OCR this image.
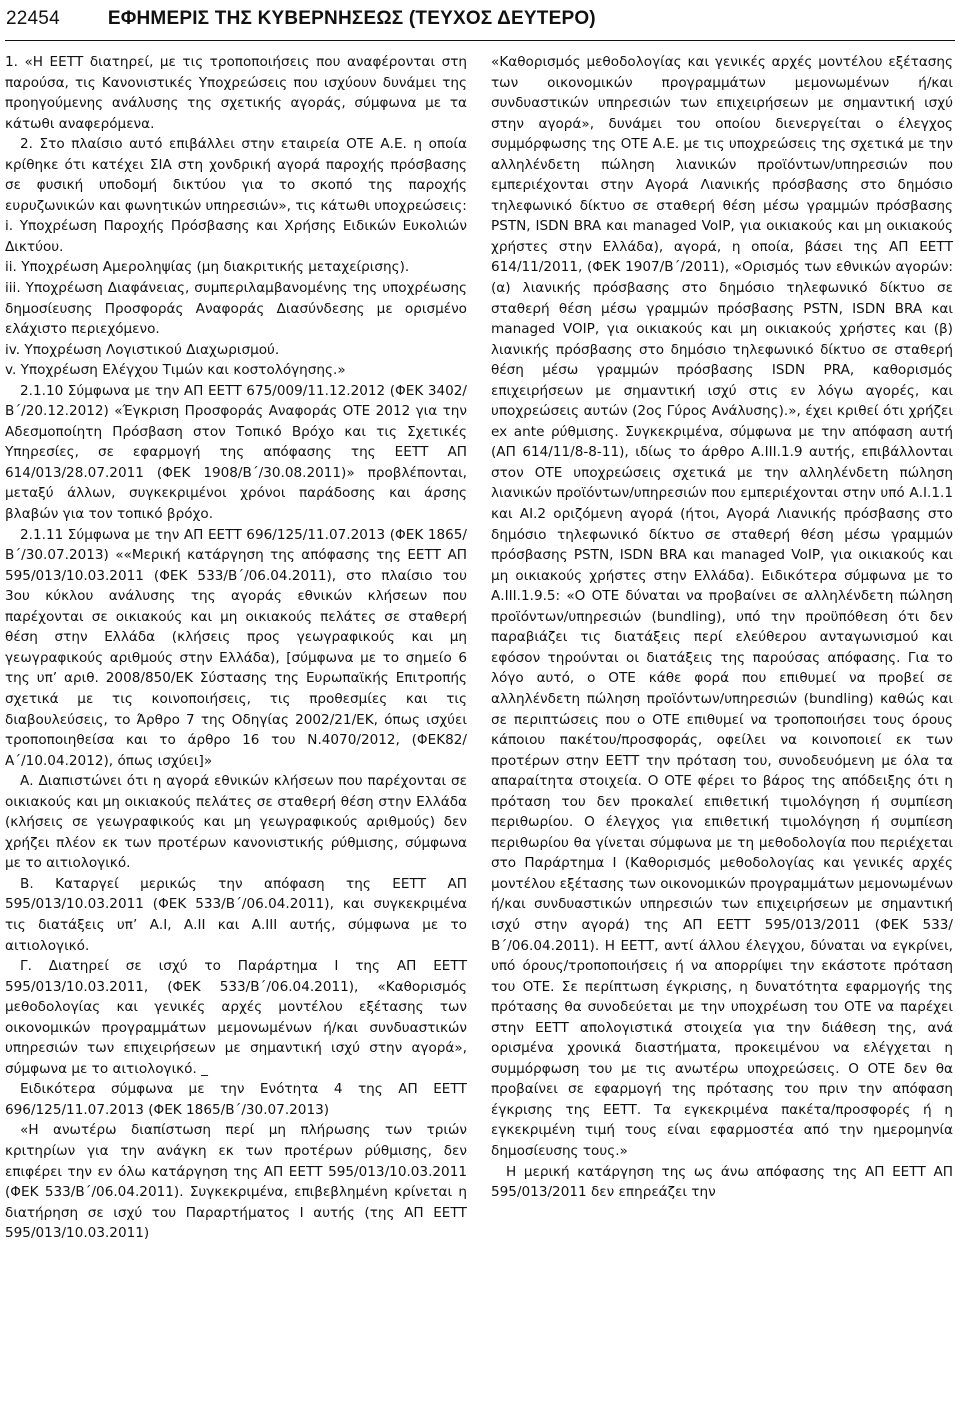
22454	ΕΦΗΜΕΡΙΣ ΤΗΣ ΚΥΒΕΡΝΗΣΕΩΣ (ΤΕΥΧΟΣ ΔΕΥΤΕΡΟ)

1. «Η ΕΕΤΤ διατηρεί, με τις τροποποιήσεις που αναφέρονται στη παρούσα, τις Κανονιστικές Υποχρεώσεις που ισχύουν δυνάμει της προηγούμενης ανάλυσης της σχετικής αγοράς, σύμφωνα με τα κάτωθι αναφερόμενα.

2. Στο πλαίσιο αυτό επιβάλλει στην εταιρεία ΟΤΕ Α.Ε. η οποία κρίθηκε ότι κατέχει ΣΙΑ στη χονδρική αγορά παροχής πρόσβασης σε φυσική υποδομή δικτύου για το σκοπό της παροχής ευρυζωνικών και φωνητικών υπηρεσιών», τις κάτωθι υποχρεώσεις:

i. Υποχρέωση Παροχής Πρόσβασης και Χρήσης Ειδικών Ευκολιών Δικτύου.

ii. Υποχρέωση Αμεροληψίας (μη διακριτικής μεταχείρισης).

iii. Υποχρέωση Διαφάνειας, συμπεριλαμβανομένης της υποχρέωσης δημοσίευσης Προσφοράς Αναφοράς Διασύνδεσης με ορισμένο ελάχιστο περιεχόμενο.

iv. Υποχρέωση Λογιστικού Διαχωρισμού.

v. Υποχρέωση Ελέγχου Τιμών και κοστολόγησης.»

2.1.10 Σύμφωνα με την ΑΠ ΕΕΤΤ 675/009/11.12.2012 (ΦΕΚ 3402/Β΄/20.12.2012) «Έγκριση Προσφοράς Αναφοράς ΟΤΕ 2012 για την Αδεσμοποίητη Πρόσβαση στον Τοπικό Βρόχο και τις Σχετικές Υπηρεσίες, σε εφαρμογή της απόφασης της ΕΕΤΤ ΑΠ 614/013/28.07.2011 (ΦΕΚ 1908/Β΄/30.08.2011)» προβλέπονται, μεταξύ άλλων, συγκεκριμένοι χρόνοι παράδοσης και άρσης βλαβών για τον τοπικό βρόχο.

2.1.11 Σύμφωνα με την ΑΠ ΕΕΤΤ 696/125/11.07.2013 (ΦΕΚ 1865/Β΄/30.07.2013) ««Μερική κατάργηση της απόφασης της ΕΕΤΤ ΑΠ 595/013/10.03.2011 (ΦΕΚ 533/Β΄/06.04.2011), στο πλαίσιο του 3ου κύκλου ανάλυσης της αγοράς εθνικών κλήσεων που παρέχονται σε οικιακούς και μη οικιακούς πελάτες σε σταθερή θέση στην Ελλάδα (κλήσεις προς γεωγραφικούς και μη γεωγραφικούς αριθμούς στην Ελλάδα), [σύμφωνα με το σημείο 6 της υπ’ αριθ. 2008/850/ΕΚ Σύστασης της Ευρωπαϊκής Επιτροπής σχετικά με τις κοινοποιήσεις, τις προθεσμίες και τις διαβουλεύσεις, το Άρθρο 7 της Οδηγίας 2002/21/ΕΚ, όπως ισχύει τροποποιηθείσα και το άρθρο 16 του Ν.4070/2012, (ΦΕΚ82/Α΄/10.04.2012), όπως ισχύει]»

Α. Διαπιστώνει ότι η αγορά εθνικών κλήσεων που παρέχονται σε οικιακούς και μη οικιακούς πελάτες σε σταθερή θέση στην Ελλάδα (κλήσεις σε γεωγραφικούς και μη γεωγραφικούς αριθμούς) δεν χρήζει πλέον εκ των προτέρων κανονιστικής ρύθμισης, σύμφωνα με το αιτιολογικό.

Β. Καταργεί μερικώς την απόφαση της ΕΕΤΤ ΑΠ 595/013/10.03.2011 (ΦΕΚ 533/Β΄/06.04.2011), και συγκεκριμένα τις διατάξεις υπ’ Α.Ι, Α.ΙΙ και Α.ΙΙΙ αυτής, σύμφωνα με το αιτιολογικό.

Γ. Διατηρεί σε ισχύ το Παράρτημα Ι της ΑΠ ΕΕΤΤ 595/013/10.03.2011, (ΦΕΚ 533/Β΄/06.04.2011), «Καθορισμός μεθοδολογίας και γενικές αρχές μοντέλου εξέτασης των οικονομικών προγραμμάτων μεμονωμένων ή/και συνδυαστικών υπηρεσιών των επιχειρήσεων με σημαντική ισχύ στην αγορά», σύμφωνα με το αιτιολογικό. _

Ειδικότερα σύμφωνα με την Ενότητα 4 της ΑΠ ΕΕΤΤ 696/125/11.07.2013 (ΦΕΚ 1865/Β΄/30.07.2013)

«Η ανωτέρω διαπίστωση περί μη πλήρωσης των τριών κριτηρίων για την ανάγκη εκ των προτέρων ρύθμισης, δεν επιφέρει την εν όλω κατάργηση της ΑΠ ΕΕΤΤ 595/013/10.03.2011 (ΦΕΚ 533/Β΄/06.04.2011). Συγκεκριμένα, επιβεβλημένη κρίνεται η διατήρηση σε ισχύ του Παραρτήματος Ι αυτής (της ΑΠ ΕΕΤΤ 595/013/10.03.2011)

«Καθορισμός μεθοδολογίας και γενικές αρχές μοντέλου εξέτασης των οικονομικών προγραμμάτων μεμονωμένων ή/και συνδυαστικών υπηρεσιών των επιχειρήσεων με σημαντική ισχύ στην αγορά», δυνάμει του οποίου διενεργείται ο έλεγχος συμμόρφωσης της ΟΤΕ Α.Ε. με τις υποχρεώσεις της σχετικά με την αλληλένδετη πώληση λιανικών προϊόντων/υπηρεσιών που εμπεριέχονται στην Αγορά Λιανικής πρόσβασης στο δημόσιο τηλεφωνικό δίκτυο σε σταθερή θέση μέσω γραμμών πρόσβασης PSTN, ISDN BRA και managed VoIP, για οικιακούς και μη οικιακούς χρήστες στην Ελλάδα), αγορά, η οποία, βάσει της ΑΠ ΕΕΤΤ 614/11/2011, (ΦΕΚ 1907/Β΄/2011), «Ορισμός των εθνικών αγορών: (α) λιανικής πρόσβασης στο δημόσιο τηλεφωνικό δίκτυο σε σταθερή θέση μέσω γραμμών πρόσβασης PSTN, ISDN BRA και managed VOIP, για οικιακούς και μη οικιακούς χρήστες και (β) λιανικής πρόσβασης στο δημόσιο τηλεφωνικό δίκτυο σε σταθερή θέση μέσω γραμμών πρόσβασης ISDN PRA, καθορισμός επιχειρήσεων με σημαντική ισχύ στις εν λόγω αγορές, και υποχρεώσεις αυτών (2ος Γύρος Ανάλυσης).», έχει κριθεί ότι χρήζει ex ante ρύθμισης. Συγκεκριμένα, σύμφωνα με την απόφαση αυτή (ΑΠ 614/11/8-8-11), ιδίως το άρθρο Α.ΙΙΙ.1.9 αυτής, επιβάλλονται στον ΟΤΕ υποχρεώσεις σχετικά με την αλληλένδετη πώληση λιανικών προϊόντων/υπηρεσιών που εμπεριέχονται στην υπό Α.Ι.1.1 και ΑΙ.2 οριζόμενη αγορά (ήτοι, Αγορά Λιανικής πρόσβασης στο δημόσιο τηλεφωνικό δίκτυο σε σταθερή θέση μέσω γραμμών πρόσβασης PSTN, ISDN BRA και managed VoIP, για οικιακούς και μη οικιακούς χρήστες στην Ελλάδα). Ειδικότερα σύμφωνα με το Α.ΙΙΙ.1.9.5: «Ο ΟΤΕ δύναται να προβαίνει σε αλληλένδετη πώληση προϊόντων/υπηρεσιών (bundling), υπό την προϋπόθεση ότι δεν παραβιάζει τις διατάξεις περί ελεύθερου ανταγωνισμού και εφόσον τηρούνται οι διατάξεις της παρούσας απόφασης. Για το λόγο αυτό, ο ΟΤΕ κάθε φορά που επιθυμεί να προβεί σε αλληλένδετη πώληση προϊόντων/υπηρεσιών (bundling) καθώς και σε περιπτώσεις που ο ΟΤΕ επιθυμεί να τροποποιήσει τους όρους κάποιου πακέτου/προσφοράς, οφείλει να κοινοποιεί εκ των προτέρων στην ΕΕΤΤ την πρόταση του, συνοδευόμενη με όλα τα απαραίτητα στοιχεία. Ο ΟΤΕ φέρει το βάρος της απόδειξης ότι η πρόταση του δεν προκαλεί επιθετική τιμολόγηση ή συμπίεση περιθωρίου. Ο έλεγχος για επιθετική τιμολόγηση ή συμπίεση περιθωρίου θα γίνεται σύμφωνα με τη μεθοδολογία που περιέχεται στο Παράρτημα Ι (Καθορισμός μεθοδολογίας και γενικές αρχές μοντέλου εξέτασης των οικονομικών προγραμμάτων μεμονωμένων ή/και συνδυαστικών υπηρεσιών των επιχειρήσεων με σημαντική ισχύ στην αγορά) της ΑΠ ΕΕΤΤ 595/013/2011 (ΦΕΚ 533/Β΄/06.04.2011). Η ΕΕΤΤ, αντί άλλου έλεγχου, δύναται να εγκρίνει, υπό όρους/τροποποιήσεις ή να απορρίψει την εκάστοτε πρόταση του ΟΤΕ. Σε περίπτωση έγκρισης, η δυνατότητα εφαρμογής της πρότασης θα συνοδεύεται με την υποχρέωση του ΟΤΕ να παρέχει στην ΕΕΤΤ απολογιστικά στοιχεία για την διάθεση της, ανά ορισμένα χρονικά διαστήματα, προκειμένου να ελέγχεται η συμμόρφωση του με τις ανωτέρω υποχρεώσεις. Ο ΟΤΕ δεν θα προβαίνει σε εφαρμογή της πρότασης του πριν την απόφαση έγκρισης της ΕΕΤΤ. Τα εγκεκριμένα πακέτα/προσφορές ή η εγκεκριμένη τιμή τους είναι εφαρμοστέα από την ημερομηνία δημοσίευσης τους.»

Η μερική κατάργηση της ως άνω απόφασης της ΑΠ ΕΕΤΤ ΑΠ 595/013/2011 δεν επηρεάζει την
